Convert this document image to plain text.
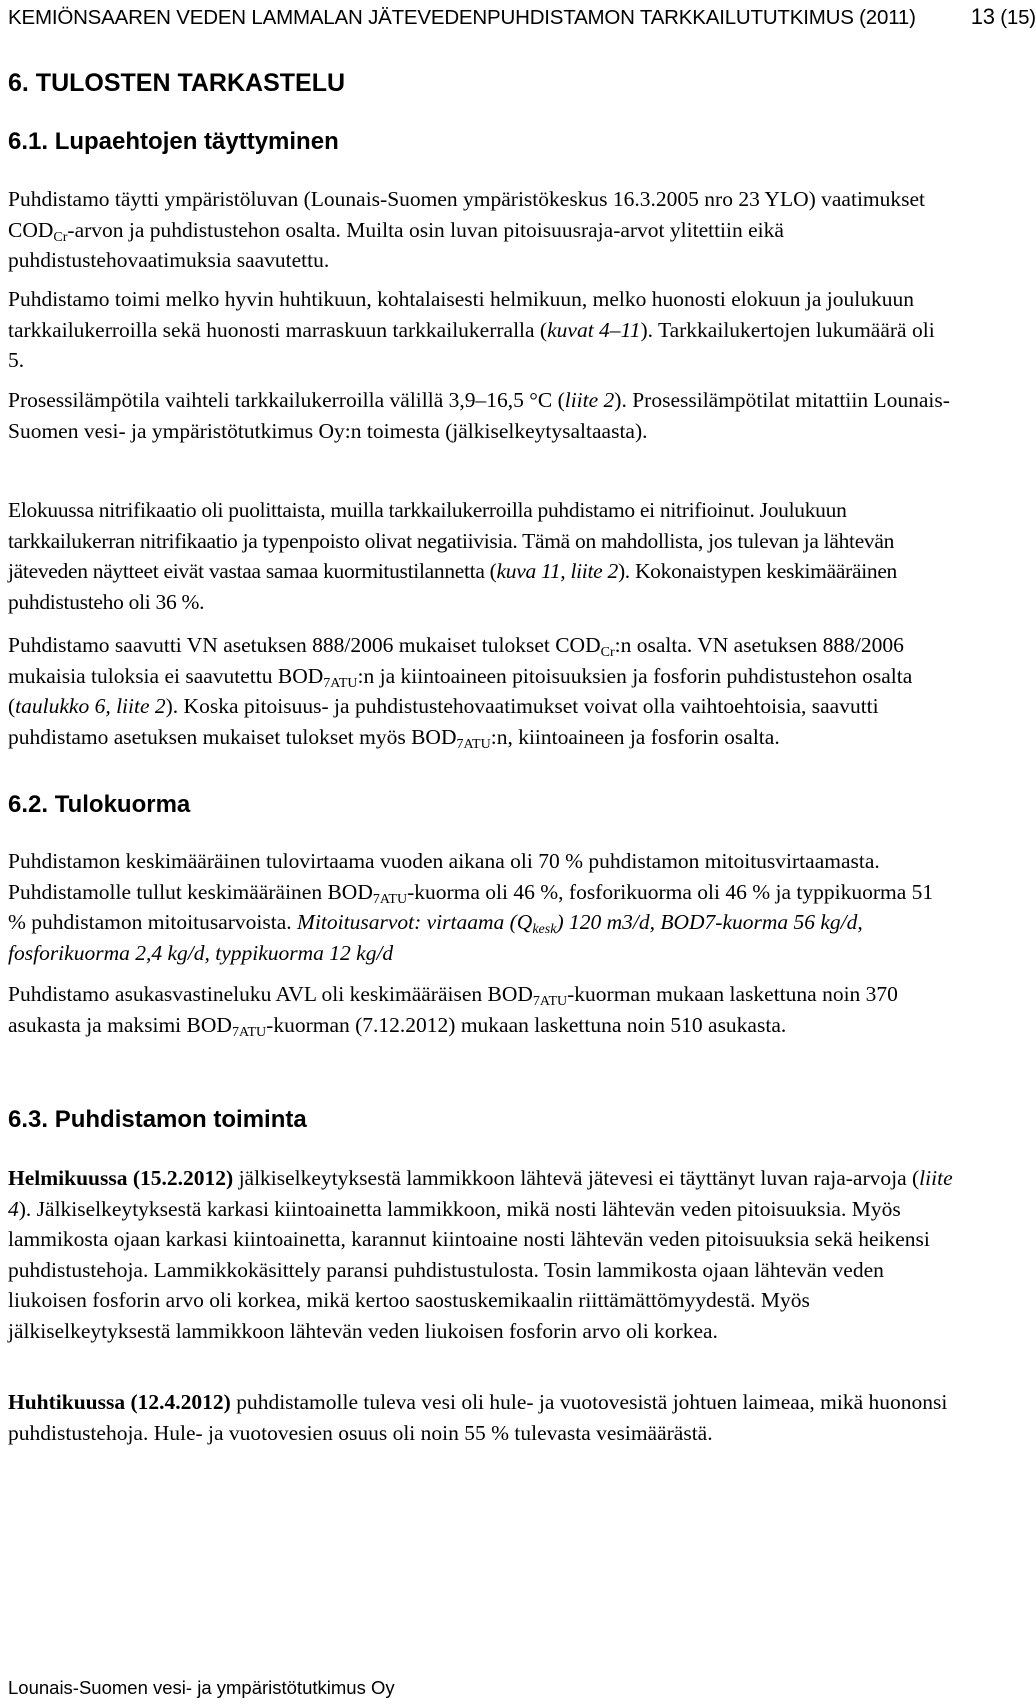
KEMIÖNSAAREN VEDEN LAMMALAN JÄTEVEDENPUHDISTAMON TARKKAILUTUTKIMUS (2011)	13 (15)
6. TULOSTEN TARKASTELU
6.1. Lupaehtojen täyttyminen
Puhdistamo täytti ympäristöluvan (Lounais-Suomen ympäristökeskus 16.3.2005 nro 23 YLO) vaatimukset $COD_{Cr}$-arvon ja puhdistustehon osalta. Muilta osin luvan pitoisuusraja-arvot ylitettiin eikä puhdistustehovaatimuksia saavutettu.
Puhdistamo toimi melko hyvin huhtikuun, kohtalaisesti helmikuun, melko huonosti elokuun ja joulukuun tarkkailukerroilla sekä huonosti marraskuun tarkkailukerralla (kuvat 4–11). Tarkkailukertojen lukumäärä oli 5.
Prosessilämpötila vaihteli tarkkailukerroilla välillä 3,9–16,5 °C (liite 2). Prosessilämpötilat mitattiin Lounais-Suomen vesi- ja ympäristötutkimus Oy:n toimesta (jälkiselkeytysaltaasta).
Elokuussa nitrifikaatio oli puolittaista, muilla tarkkailukerroilla puhdistamo ei nitrifioinut. Joulukuun tarkkailukerran nitrifikaatio ja typenpoisto olivat negatiivisia. Tämä on mahdollista, jos tulevan ja lähtevän jäteveden näytteet eivät vastaa samaa kuormitustilannetta (kuva 11, liite 2). Kokonaistypen keskimääräinen puhdistusteho oli 36 %.
Puhdistamo saavutti VN asetuksen 888/2006 mukaiset tulokset $COD_{Cr}:n$ osalta. VN asetuksen 888/2006 mukaisia tuloksia ei saavutettu $BOD_{7ATU}:n$ ja kiintoaineen pitoisuuksien ja fosforin puhdistustehon osalta (taulukko 6, liite 2). Koska pitoisuus- ja puhdistustehovaatimukset voivat olla vaihtoehtoisia, saavutti puhdistamo asetuksen mukaiset tulokset myös $BOD_{7ATU}:n$, kiintoaineen ja fosforin osalta.
6.2. Tulokuorma
Puhdistamon keskimääräinen tulovirtaama vuoden aikana oli 70 % puhdistamon mitoitusvirtaamasta. Puhdistamolle tullut keskimääräinen $BOD_{7ATU}$-kuorma oli 46 %, fosforikuorma oli 46 % ja typpikuorma 51 % puhdistamon mitoitusarvoista. Mitoitusarvot: virtaama $(Q_{kesk})$ 120 m3/d, BOD7-kuorma 56 kg/d, fosforikuorma 2,4 kg/d, typpikuorma 12 kg/d
Puhdistamo asukasvastineluku AVL oli keskimääräisen $BOD_{7ATU}$-kuorman mukaan laskettuna noin 370 asukasta ja maksimi $BOD_{7ATU}$-kuorman (7.12.2012) mukaan laskettuna noin 510 asukasta.
6.3. Puhdistamon toiminta
Helmikuussa (15.2.2012) jälkiselkeytyksestä lammikkoon lähtevä jätevesi ei täyttänyt luvan raja-arvoja (liite 4). Jälkiselkeytyksestä karkasi kiintoainetta lammikkoon, mikä nosti lähtevän veden pitoisuuksia. Myös lammikosta ojaan karkasi kiintoainetta, karannut kiintoaine nosti lähtevän veden pitoisuuksia sekä heikensi puhdistustehoja. Lammikkokäsittely paransi puhdistustulosta. Tosin lammikosta ojaan lähtevän veden liukoisen fosforin arvo oli korkea, mikä kertoo saostuskemikaalin riittämättömyydestä. Myös jälkiselkeytyksestä lammikkoon lähtevän veden liukoisen fosforin arvo oli korkea.
Huhtikuussa (12.4.2012) puhdistamolle tuleva vesi oli hule- ja vuotovesistä johtuen laimeaa, mikä huononsi puhdistustehoja. Hule- ja vuotovesien osuus oli noin 55 % tulevasta vesimäärästä.
Lounais-Suomen vesi- ja ympäristötutkimus Oy
